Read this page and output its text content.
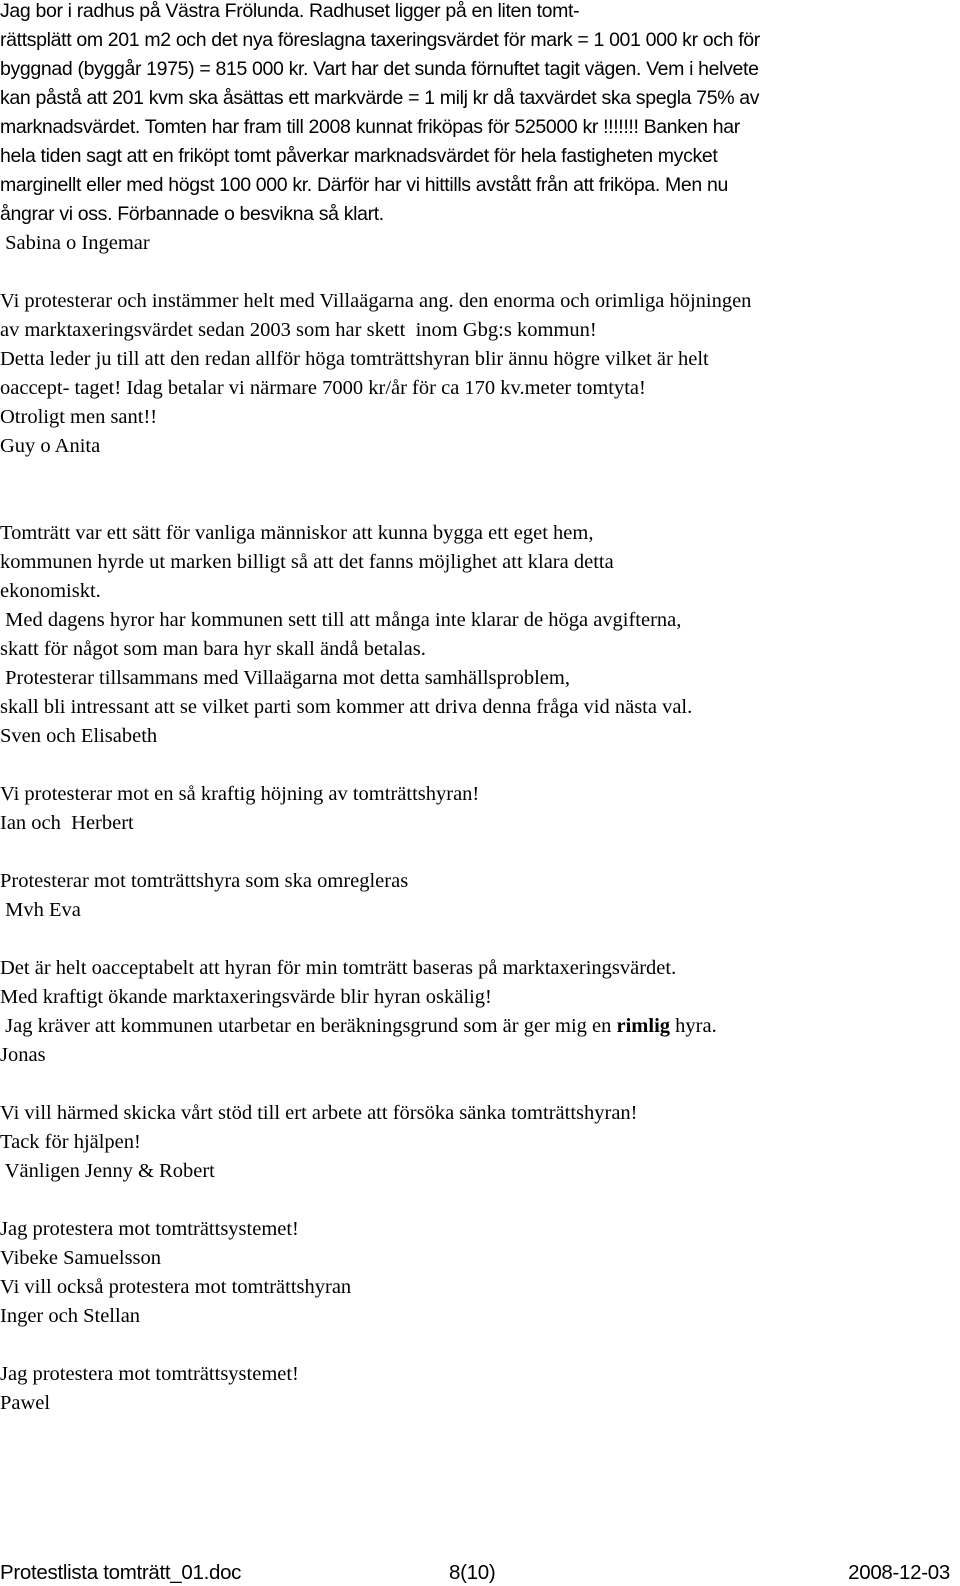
Jag bor i radhus på Västra Frölunda. Radhuset ligger på en liten tomt-
rättsplätt om 201 m2 och det nya föreslagna taxeringsvärdet för mark = 1 001 000 kr och för
byggnad (byggår 1975) = 815 000 kr. Vart har det sunda förnuftet tagit vägen. Vem i helvete
kan påstå att 201 kvm ska åsättas ett markvärde = 1 milj kr då taxvärdet ska spegla 75% av
marknadsvärdet. Tomten har fram till 2008 kunnat friköpas för 525000 kr !!!!!!! Banken har
hela tiden sagt att en friköpt tomt påverkar marknadsvärdet för hela fastigheten mycket
marginellt eller med högst 100 000 kr. Därför har vi hittills avstått från att friköpa. Men nu
ångrar vi oss. Förbannade o besvikna så klart.
Sabina o Ingemar
Vi protesterar och instämmer helt med Villaägarna ang. den enorma och orimliga höjningen
av marktaxeringsvärdet sedan 2003 som har skett  inom Gbg:s kommun!
Detta leder ju till att den redan allför höga tomträttshyran blir ännu högre vilket är helt
oaccept- taget! Idag betalar vi närmare 7000 kr/år för ca 170 kv.meter tomtyta!
Otroligt men sant!!
Guy o Anita
Tomträtt var ett sätt för vanliga människor att kunna bygga ett eget hem,
kommunen hyrde ut marken billigt så att det fanns möjlighet att klara detta
ekonomiskt.
Med dagens hyror har kommunen sett till att många inte klarar de höga avgifterna,
skatt för något som man bara hyr skall ändå betalas.
Protesterar tillsammans med Villaägarna mot detta samhällsproblem,
skall bli intressant att se vilket parti som kommer att driva denna fråga vid nästa val.
Sven och Elisabeth
Vi protesterar mot en så kraftig höjning av tomträttshyran!
Ian och  Herbert
Protesterar mot tomträttshyra som ska omregleras
Mvh Eva
Det är helt oacceptabelt att hyran för min tomträtt baseras på marktaxeringsvärdet.
Med kraftigt ökande marktaxeringsvärde blir hyran oskälig!
Jag kräver att kommunen utarbetar en beräkningsgrund som är ger mig en rimlig hyra.
Jonas
Vi vill härmed skicka vårt stöd till ert arbete att försöka sänka tomträttshyran!
Tack för hjälpen!
Vänligen Jenny & Robert
Jag protestera mot tomträttsystemet!
Vibeke Samuelsson
Vi vill också protestera mot tomträttshyran
Inger och Stellan
Jag protestera mot tomträttsystemet!
Pawel
Protestlista tomträtt_01.doc	8(10)	2008-12-03
